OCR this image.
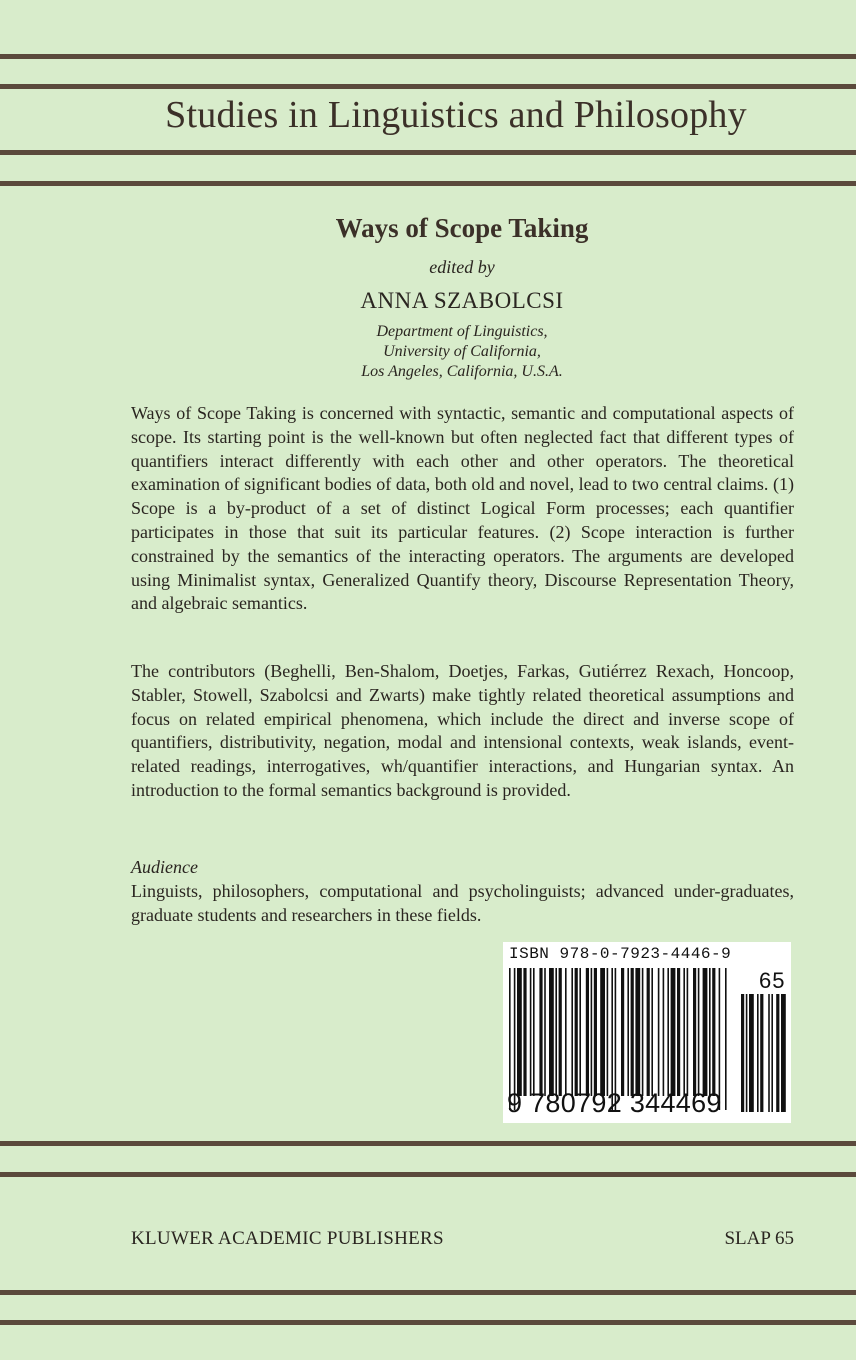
Studies in Linguistics and Philosophy
Ways of Scope Taking
edited by
ANNA SZABOLCSI
Department of Linguistics,
University of California,
Los Angeles, California, U.S.A.
Ways of Scope Taking is concerned with syntactic, semantic and computational aspects of scope. Its starting point is the well-known but often neglected fact that different types of quantifiers interact differently with each other and other operators. The theoretical examination of significant bodies of data, both old and novel, lead to two central claims. (1) Scope is a by-product of a set of distinct Logical Form processes; each quantifier participates in those that suit its particular features. (2) Scope interaction is further constrained by the semantics of the interacting operators. The arguments are developed using Minimalist syntax, Generalized Quantify theory, Discourse Representation Theory, and algebraic semantics.
The contributors (Beghelli, Ben-Shalom, Doetjes, Farkas, Gutiérrez Rexach, Honcoop, Stabler, Stowell, Szabolcsi and Zwarts) make tightly related theoretical assumptions and focus on related empirical phenomena, which include the direct and inverse scope of quantifiers, distributivity, negation, modal and intensional contexts, weak islands, event-related readings, interrogatives, wh/quantifier interactions, and Hungarian syntax. An introduction to the formal semantics background is provided.
Audience
Linguists, philosophers, computational and psycholinguists; advanced under-graduates, graduate students and researchers in these fields.
ISBN 978-0-7923-4446-9
9 780792 344469
65
KLUWER ACADEMIC PUBLISHERS	SLAP 65
